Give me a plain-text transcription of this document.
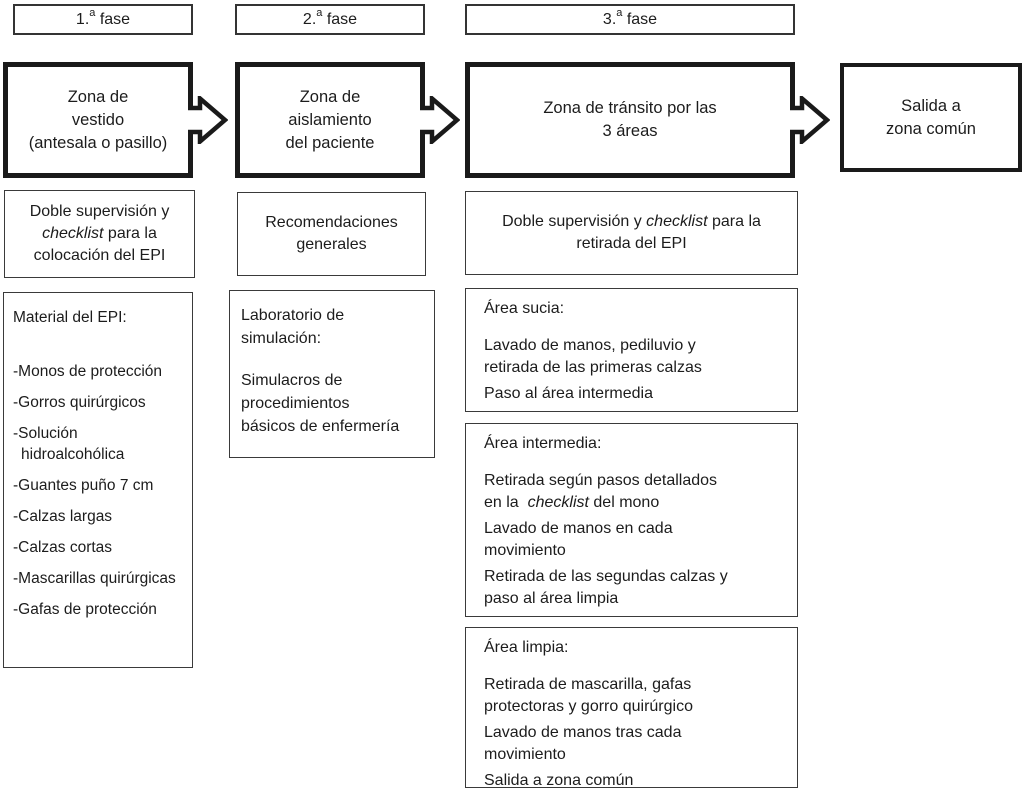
1.$^a$ fase	2.$^a$ fase	3.$^a$ fase
Zona de
vestido
(antesala o pasillo)
Zona de
aislamiento
del paciente
Zona de tránsito por las
3 áreas
Salida a
zona común
Doble supervisión y
checklist para la
colocación del EPI
Recomendaciones
generales
Doble supervisión y checklist para la
retirada del EPI
Material del EPI:
-Monos de protección
-Gorros quirúrgicos
-Solución hidroalcohólica
-Guantes puño 7 cm
-Calzas largas
-Calzas cortas
-Mascarillas quirúrgicas
-Gafas de protección
Laboratorio de
simulación:
Simulacros de
procedimientos
básicos de enfermería
Área sucia:
Lavado de manos, pediluvio y
retirada de las primeras calzas
Paso al área intermedia
Área intermedia:
Retirada según pasos detallados
en la  checklist del mono
Lavado de manos en cada
movimiento
Retirada de las segundas calzas y
paso al área limpia
Área limpia:
Retirada de mascarilla, gafas
protectoras y gorro quirúrgico
Lavado de manos tras cada
movimiento
Salida a zona común
